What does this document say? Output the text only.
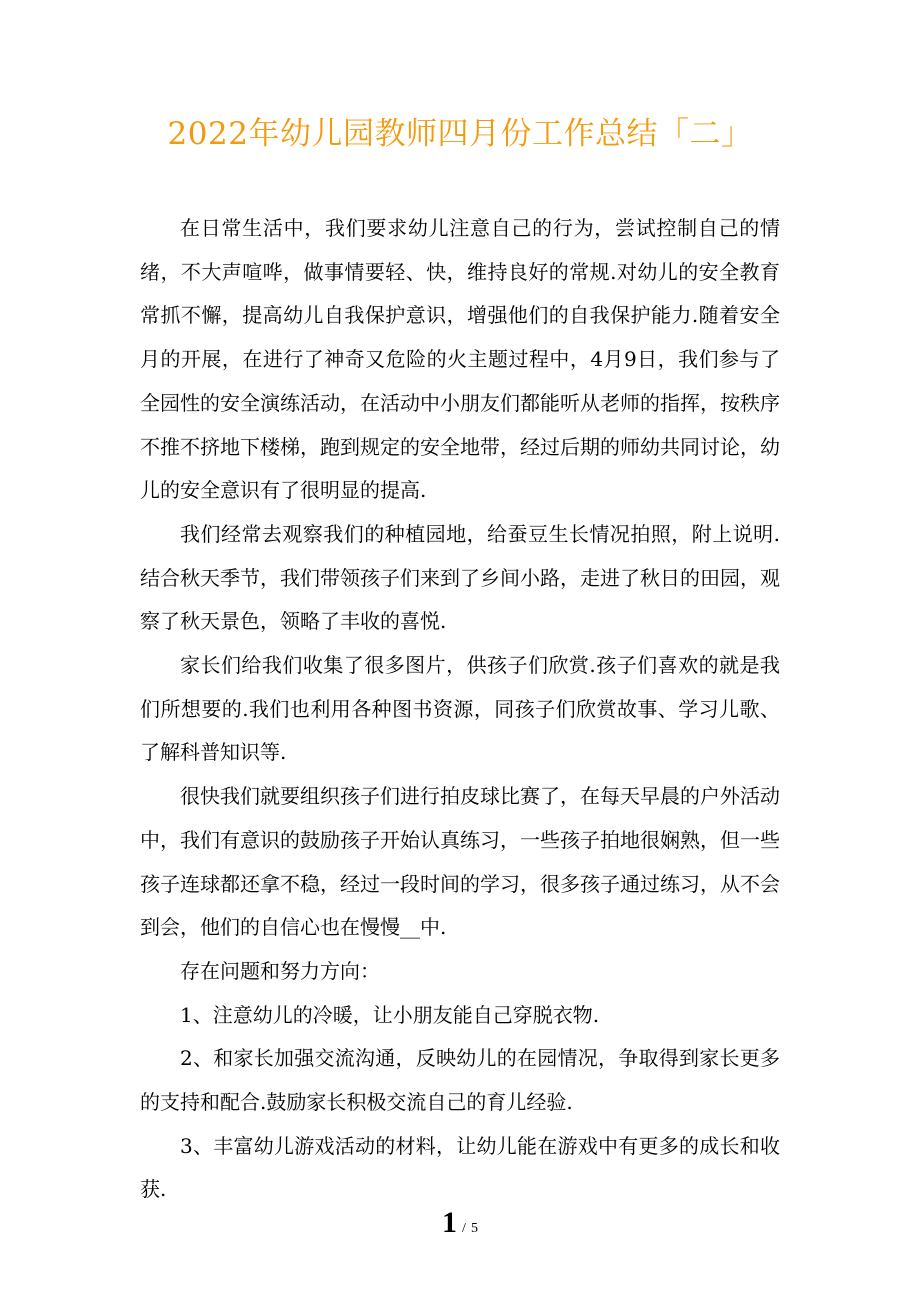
2022年幼儿园教师四月份工作总结「二」

在日常生活中，我们要求幼儿注意自己的行为，尝试控制自己的情绪，不大声喧哗，做事情要轻、快，维持良好的常规.对幼儿的安全教育常抓不懈，提高幼儿自我保护意识，增强他们的自我保护能力.随着安全月的开展，在进行了神奇又危险的火主题过程中，4月9日，我们参与了全园性的安全演练活动，在活动中小朋友们都能听从老师的指挥，按秩序不推不挤地下楼梯，跑到规定的安全地带，经过后期的师幼共同讨论，幼儿的安全意识有了很明显的提高.

我们经常去观察我们的种植园地，给蚕豆生长情况拍照，附上说明.结合秋天季节，我们带领孩子们来到了乡间小路，走进了秋日的田园，观察了秋天景色，领略了丰收的喜悦.

家长们给我们收集了很多图片，供孩子们欣赏.孩子们喜欢的就是我们所想要的.我们也利用各种图书资源，同孩子们欣赏故事、学习儿歌、了解科普知识等.

很快我们就要组织孩子们进行拍皮球比赛了，在每天早晨的户外活动中，我们有意识的鼓励孩子开始认真练习，一些孩子拍地很娴熟，但一些孩子连球都还拿不稳，经过一段时间的学习，很多孩子通过练习，从不会到会，他们的自信心也在慢慢__中.

存在问题和努力方向：

1、注意幼儿的冷暖，让小朋友能自己穿脱衣物.

2、和家长加强交流沟通，反映幼儿的在园情况，争取得到家长更多的支持和配合.鼓励家长积极交流自己的育儿经验.

3、丰富幼儿游戏活动的材料，让幼儿能在游戏中有更多的成长和收获.

1 / 5
